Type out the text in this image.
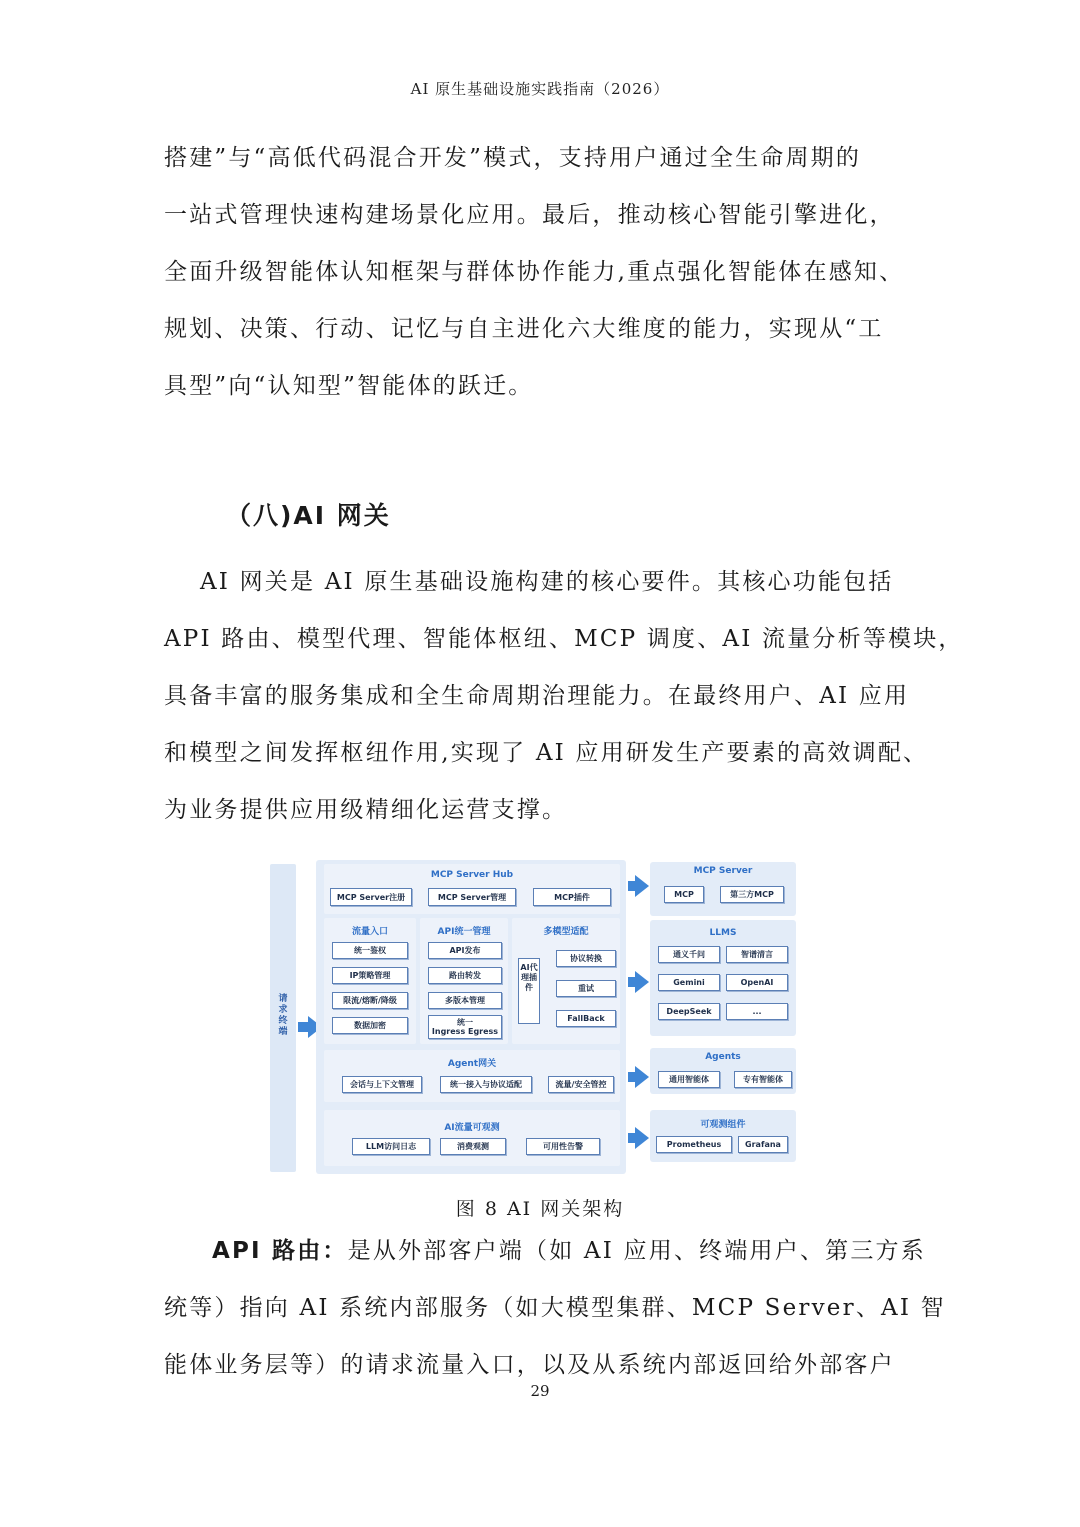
AI 原生基础设施实践指南（2026）

搭建”与“高低代码混合开发”模式，支持用户通过全生命周期的

一站式管理快速构建场景化应用。最后，推动核心智能引擎进化，

全面升级智能体认知框架与群体协作能力,重点强化智能体在感知、

规划、决策、行动、记忆与自主进化六大维度的能力，实现从“工

具型”向“认知型”智能体的跃迁。

（八)AI 网关

AI 网关是 AI 原生基础设施构建的核心要件。其核心功能包括

API 路由、模型代理、智能体枢纽、MCP 调度、AI 流量分析等模块，

具备丰富的服务集成和全生命周期治理能力。在最终用户、AI 应用

和模型之间发挥枢纽作用,实现了 AI 应用研发生产要素的高效调配、

为业务提供应用级精细化运营支撑。

请求终端
MCP Server Hub
MCP Server注册	MCP Server管理	MCP插件
流量入口
统一鉴权
IP策略管理
限流/熔断/降级
数据加密
API统一管理
API发布
路由转发
多版本管理
统一
Ingress Egress
多模型适配
AI代理插件
协议转换
重试
FallBack
Agent网关
会话与上下文管理	统一接入与协议适配	流量/安全管控
AI流量可观测
LLM访问日志	消费观测	可用性告警
MCP Server
MCP	第三方MCP
LLMS
通义千问	智谱清言
Gemini	OpenAI
DeepSeek	...
Agents
通用智能体	专有智能体
可观测组件
Prometheus	Grafana
图 8 AI 网关架构

API 路由：是从外部客户端（如 AI 应用、终端用户、第三方系

统等）指向 AI 系统内部服务（如大模型集群、MCP Server、AI 智

能体业务层等）的请求流量入口，以及从系统内部返回给外部客户

29
